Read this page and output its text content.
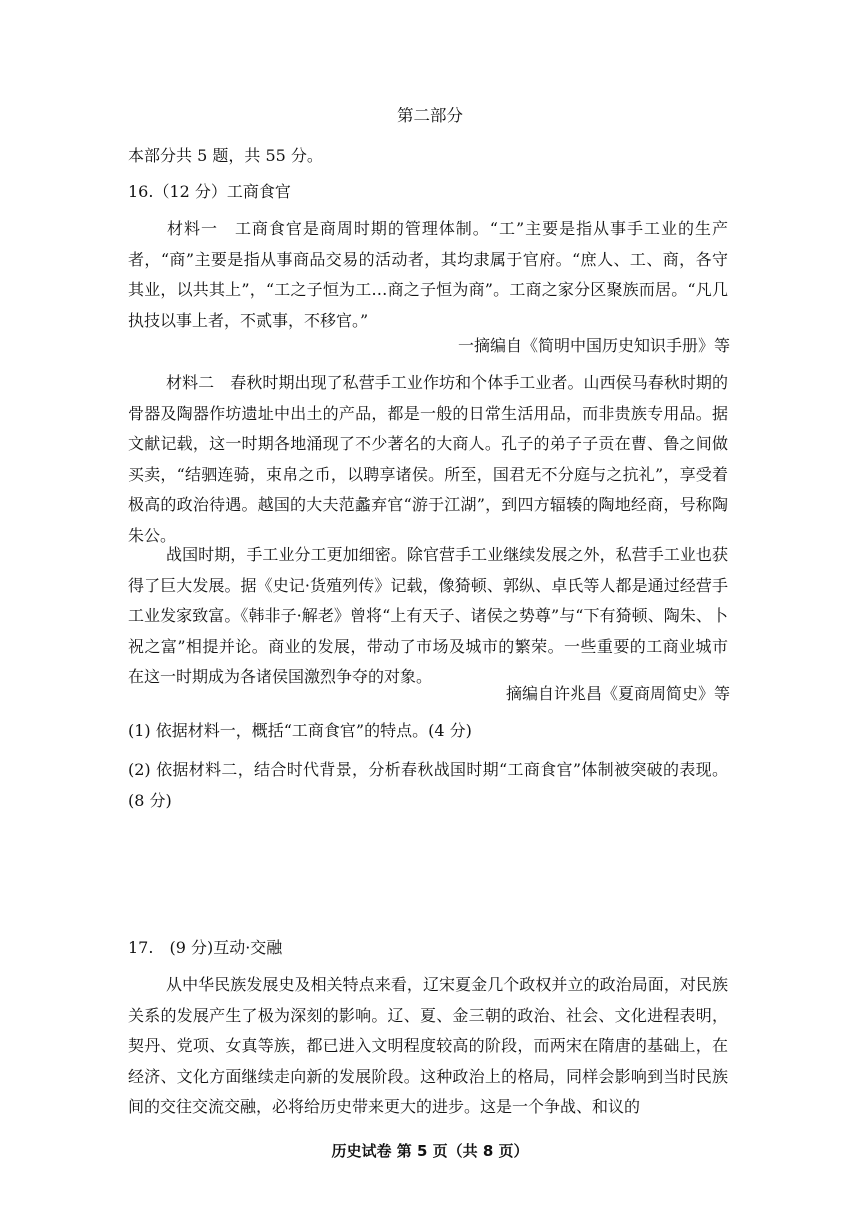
第二部分
本部分共 5 题，共 55 分。
16.（12 分）工商食官
材料一　工商食官是商周时期的管理体制。“工”主要是指从事手工业的生产者，“商”主要是指从事商品交易的活动者，其均隶属于官府。“庶人、工、商，各守其业，以共其上”，“工之子恒为工…商之子恒为商”。工商之家分区聚族而居。“凡几执技以事上者，不贰事，不移官。”
一摘编自《简明中国历史知识手册》等
材料二　春秋时期出现了私营手工业作坊和个体手工业者。山西侯马春秋时期的骨器及陶器作坊遗址中出土的产品，都是一般的日常生活用品，而非贵族专用品。据文献记载，这一时期各地涌现了不少著名的大商人。孔子的弟子子贡在曹、鲁之间做买卖，“结驷连骑，束帛之币，以聘享诸侯。所至，国君无不分庭与之抗礼”，享受着极高的政治待遇。越国的大夫范蠡弃官“游于江湖”，到四方辐辏的陶地经商，号称陶朱公。
战国时期，手工业分工更加细密。除官营手工业继续发展之外，私营手工业也获得了巨大发展。据《史记·货殖列传》记载，像猗顿、郭纵、卓氏等人都是通过经营手工业发家致富。《韩非子·解老》曾将“上有天子、诸侯之势尊”与“下有猗顿、陶朱、卜祝之富”相提并论。商业的发展，带动了市场及城市的繁荣。一些重要的工商业城市在这一时期成为各诸侯国激烈争夺的对象。
摘编自许兆昌《夏商周简史》等
(1) 依据材料一，概括“工商食官”的特点。(4 分)
(2) 依据材料二，结合时代背景，分析春秋战国时期“工商食官”体制被突破的表现。(8 分)
17.　(9 分)互动·交融
从中华民族发展史及相关特点来看，辽宋夏金几个政权并立的政治局面，对民族关系的发展产生了极为深刻的影响。辽、夏、金三朝的政治、社会、文化进程表明，契丹、党项、女真等族，都已进入文明程度较高的阶段，而两宋在隋唐的基础上，在经济、文化方面继续走向新的发展阶段。这种政治上的格局，同样会影响到当时民族间的交往交流交融，必将给历史带来更大的进步。这是一个争战、和议的
历史试卷 第 5 页（共 8 页）
